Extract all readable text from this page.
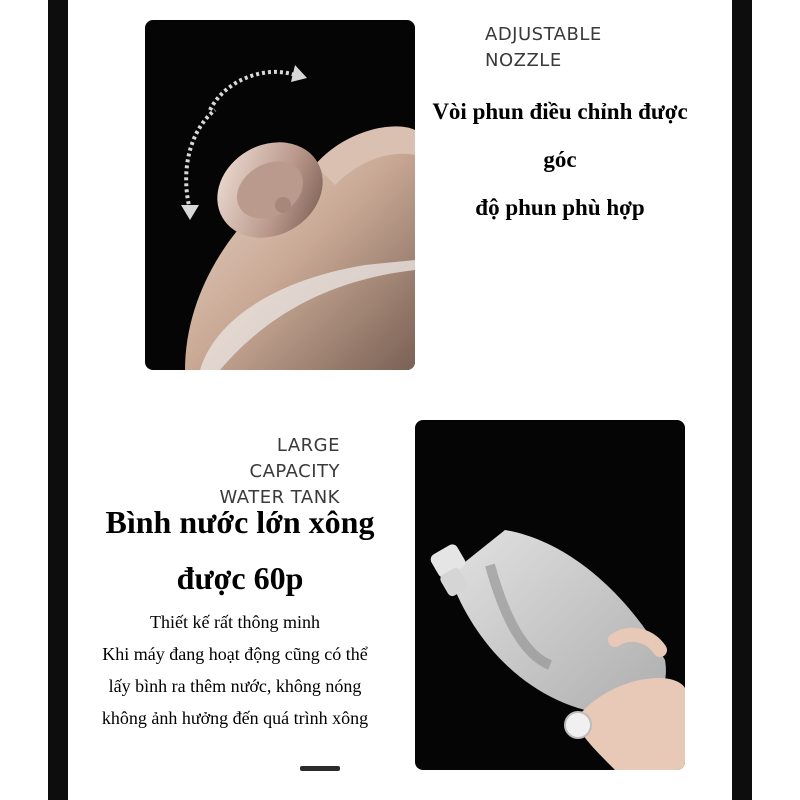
ADJUSTABLE
NOZZLE
Vòi phun điều chỉnh được góc
độ phun phù hợp
LARGE CAPACITY
WATER TANK
Bình nước lớn xông
được 60p
Thiết kế rất thông minh
Khi máy đang hoạt động cũng có thể
lấy bình ra thêm nước, không nóng
không ảnh hưởng đến quá trình xông
